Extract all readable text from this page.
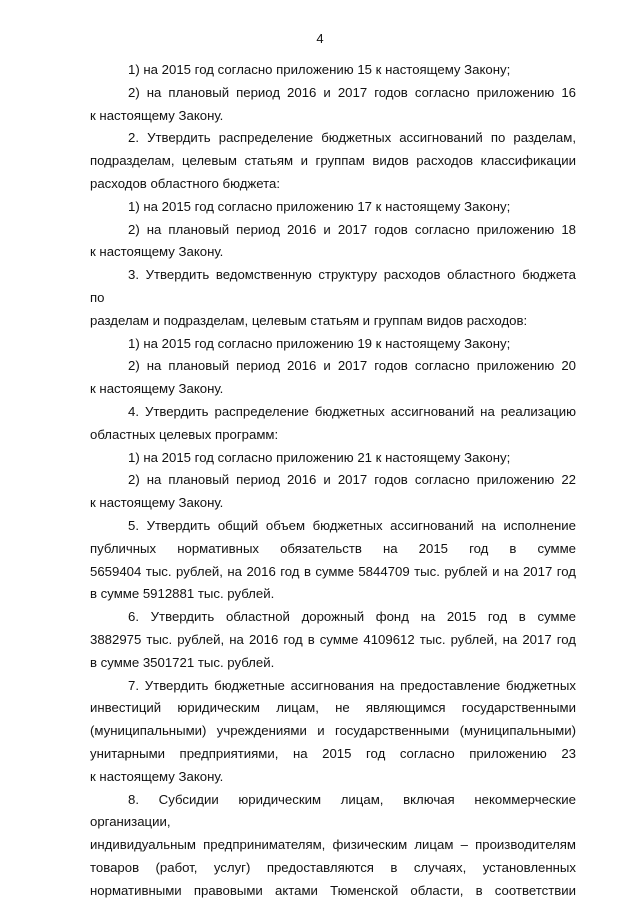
4

1) на 2015 год согласно приложению 15 к настоящему Закону;

2) на плановый период 2016 и 2017 годов согласно приложению 16

к настоящему Закону.

2. Утвердить распределение бюджетных ассигнований по разделам,

подразделам, целевым статьям и группам видов расходов классификации

расходов областного бюджета:

1) на 2015 год согласно приложению 17 к настоящему Закону;

2) на плановый период 2016 и 2017 годов согласно приложению 18

к настоящему Закону.

3. Утвердить ведомственную структуру расходов областного бюджета по

разделам и подразделам, целевым статьям и группам видов расходов:

1) на 2015 год согласно приложению 19 к настоящему Закону;

2) на плановый период 2016 и 2017 годов согласно приложению 20

к настоящему Закону.

4. Утвердить распределение бюджетных ассигнований на реализацию

областных целевых программ:

1) на 2015 год согласно приложению 21 к настоящему Закону;

2) на плановый период 2016 и 2017 годов согласно приложению 22

к настоящему Закону.

5. Утвердить общий объем бюджетных ассигнований на исполнение

публичных нормативных обязательств на 2015 год в сумме

5659404 тыс. рублей, на 2016 год в сумме 5844709 тыс. рублей и на 2017 год

в сумме 5912881 тыс. рублей.

6. Утвердить областной дорожный фонд на 2015 год в сумме

3882975 тыс. рублей, на 2016 год в сумме 4109612 тыс. рублей, на 2017 год

в сумме 3501721 тыс. рублей.

7. Утвердить бюджетные ассигнования на предоставление бюджетных

инвестиций юридическим лицам, не являющимся государственными

(муниципальными) учреждениями и государственными (муниципальными)

унитарными предприятиями, на 2015 год согласно приложению 23

к настоящему Закону.

8. Субсидии юридическим лицам, включая некоммерческие организации,

индивидуальным предпринимателям, физическим лицам – производителям

товаров (работ, услуг) предоставляются в случаях, установленных

нормативными правовыми актами Тюменской области, в соответствии
